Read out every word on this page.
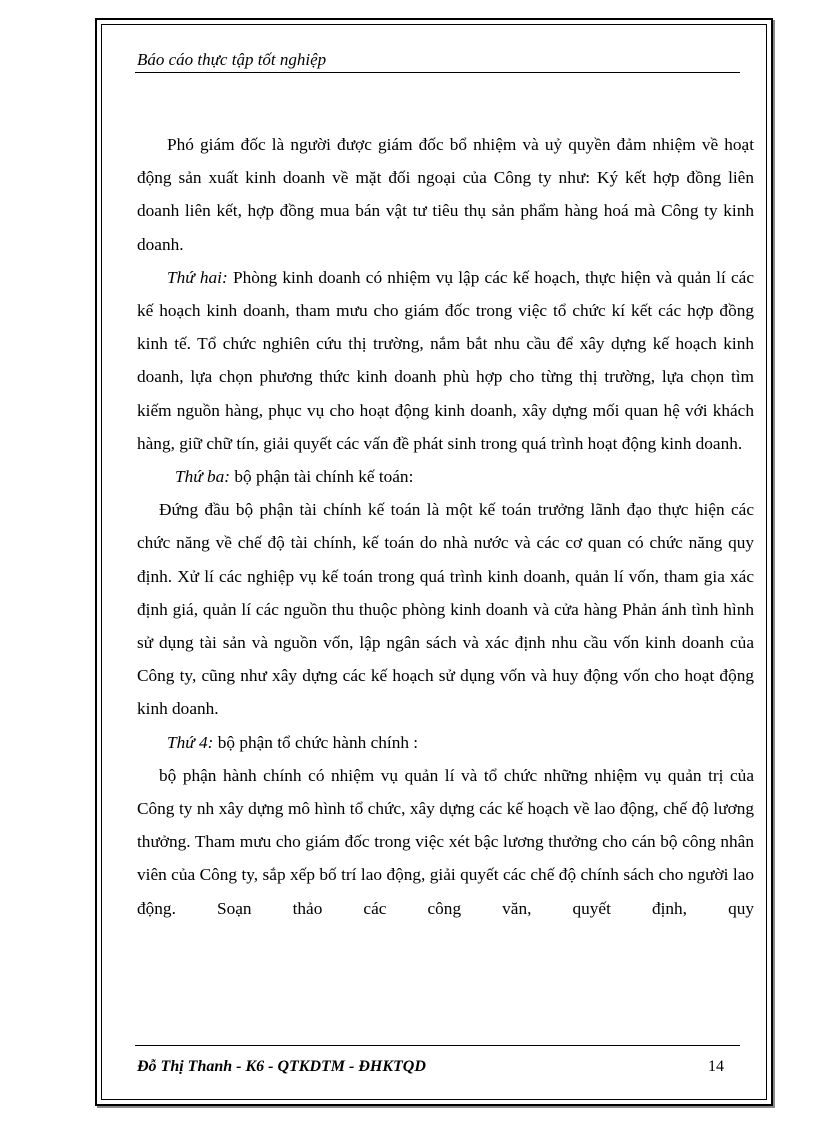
Báo cáo thực tập tốt nghiệp

Phó giám đốc là người được giám đốc bổ nhiệm và uỷ quyền đảm nhiệm về hoạt động sản xuất kinh doanh về mặt đối ngoại của Công ty như: Ký kết hợp đồng liên doanh liên kết, hợp đồng mua bán vật tư tiêu thụ sản phẩm hàng hoá mà Công ty kinh doanh.

Thứ hai: Phòng kinh doanh có nhiệm vụ lập các kế hoạch, thực hiện và quản lí các kế hoạch kinh doanh, tham mưu cho giám đốc trong việc tổ chức kí kết các hợp đồng kinh tế. Tổ chức nghiên cứu thị trường, nắm bắt nhu cầu để xây dựng kế hoạch kinh doanh, lựa chọn phương thức kinh doanh phù hợp cho từng thị trường, lựa chọn tìm kiếm nguồn hàng, phục vụ cho hoạt động kinh doanh, xây dựng mối quan hệ với khách hàng, giữ chữ tín, giải quyết các vấn đề phát sinh trong quá trình hoạt động kinh doanh.

Thứ ba: bộ phận tài chính kế toán:

Đứng đầu bộ phận tài chính kế toán là một kế toán trưởng lãnh đạo thực hiện các chức năng về chế độ tài chính, kế toán do nhà nước và các cơ quan có chức năng quy định. Xử lí các nghiệp vụ kế toán trong quá trình kinh doanh, quản lí vốn, tham gia xác định giá, quản lí các nguồn thu thuộc phòng kinh doanh và cửa hàng Phản ánh tình hình sử dụng tài sản và nguồn vốn, lập ngân sách và xác định nhu cầu vốn kinh doanh của Công ty, cũng như xây dựng các kế hoạch sử dụng vốn và huy động vốn cho hoạt động kinh doanh.

Thứ 4: bộ phận tổ chức hành chính :

bộ phận hành chính có nhiệm vụ quản lí và tổ chức những nhiệm vụ quản trị của Công ty nh xây dựng mô hình tổ chức, xây dựng các kế hoạch về lao động, chế độ lương thưởng. Tham mưu cho giám đốc trong việc xét bậc lương thưởng cho cán bộ công nhân viên của Công ty, sắp xếp bố trí lao động, giải quyết các chế độ chính sách cho người lao động. Soạn thảo các công văn, quyết định, quy

Đỗ Thị Thanh - K6 - QTKDTM - ĐHKTQD	14
